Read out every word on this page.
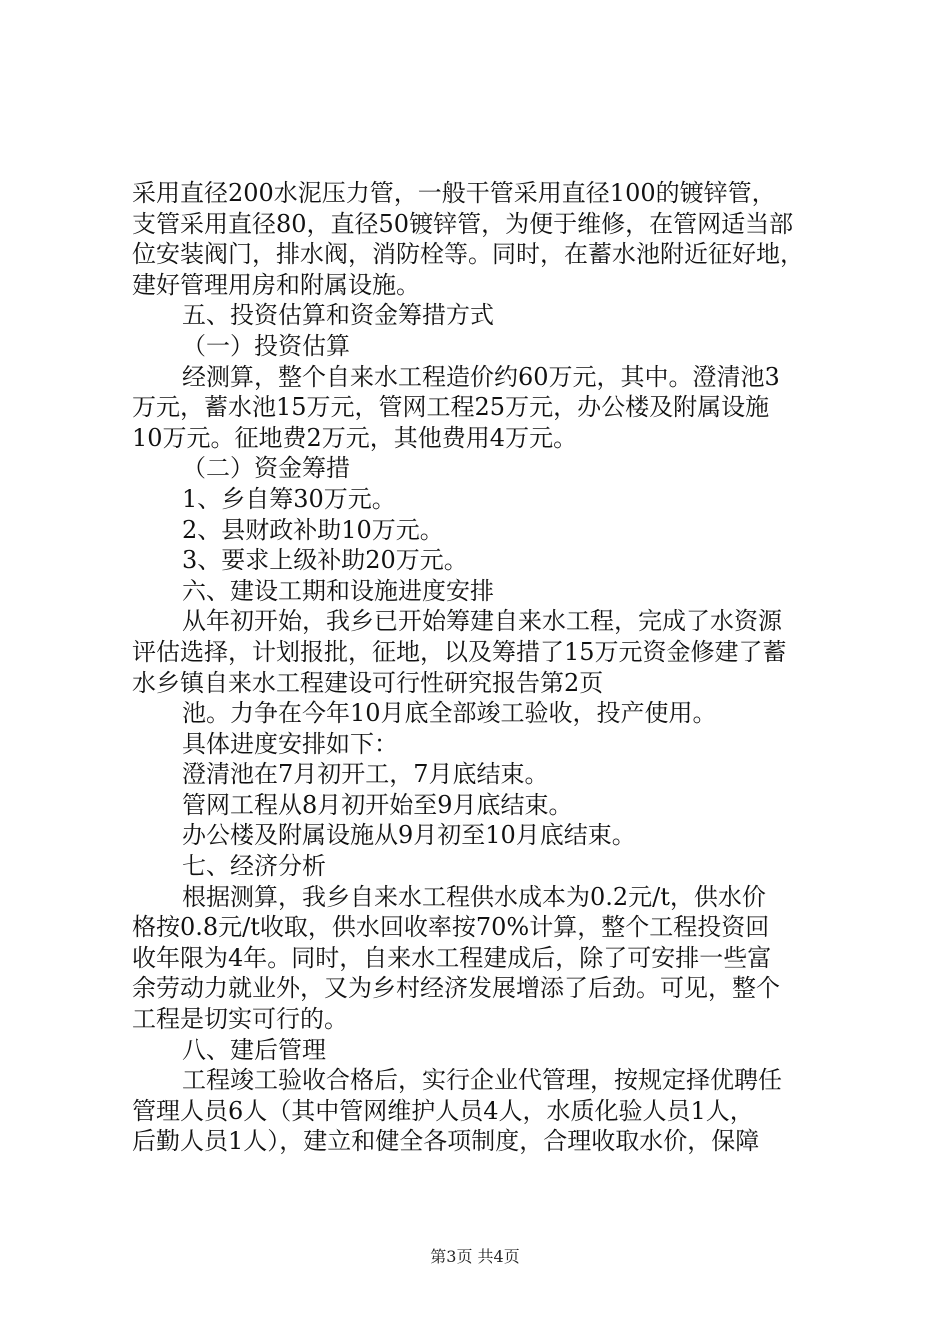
采用直径200水泥压力管，一般干管采用直径100的镀锌管，
支管采用直径80，直径50镀锌管，为便于维修，在管网适当部
位安装阀门，排水阀，消防栓等。同时，在蓄水池附近征好地，
建好管理用房和附属设施。
五、投资估算和资金筹措方式
（一）投资估算
经测算，整个自来水工程造价约60万元，其中。澄清池3
万元，蓄水池15万元，管网工程25万元，办公楼及附属设施
10万元。征地费2万元，其他费用4万元。
（二）资金筹措
1、乡自筹30万元。
2、县财政补助10万元。
3、要求上级补助20万元。
六、建设工期和设施进度安排
从年初开始，我乡已开始筹建自来水工程，完成了水资源
评估选择，计划报批，征地，以及筹措了15万元资金修建了蓄
水乡镇自来水工程建设可行性研究报告第2页
池。力争在今年10月底全部竣工验收，投产使用。
具体进度安排如下：
澄清池在7月初开工，7月底结束。
管网工程从8月初开始至9月底结束。
办公楼及附属设施从9月初至10月底结束。
七、经济分析
根据测算，我乡自来水工程供水成本为0.2元/t，供水价
格按0.8元/t收取，供水回收率按70%计算，整个工程投资回
收年限为4年。同时，自来水工程建成后，除了可安排一些富
余劳动力就业外，又为乡村经济发展增添了后劲。可见，整个
工程是切实可行的。
八、建后管理
工程竣工验收合格后，实行企业代管理，按规定择优聘任
管理人员6人（其中管网维护人员4人，水质化验人员1人，
后勤人员1人），建立和健全各项制度，合理收取水价，保障
第3页 共4页
